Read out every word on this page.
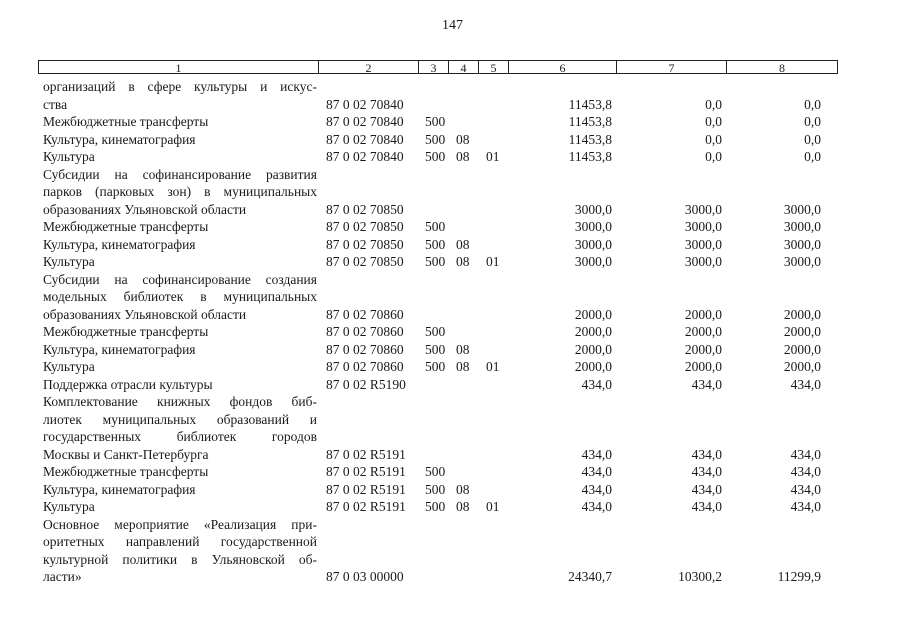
147
1	2	3	4	5	6	7	8
организаций в сфере культуры и искус-
ства	87 0 02 70840	11453,8	0,0	0,0
Межбюджетные трансферты	87 0 02 70840 500	11453,8	0,0	0,0
Культура, кинематография	87 0 02 70840 500 08	11453,8	0,0	0,0
Культура	87 0 02 70840 500 08 01	11453,8	0,0	0,0
Субсидии на софинансирование развития
парков (парковых зон) в муниципальных
образованиях Ульяновской области	87 0 02 70850	3000,0	3000,0	3000,0
Межбюджетные трансферты	87 0 02 70850 500	3000,0	3000,0	3000,0
Культура, кинематография	87 0 02 70850 500 08	3000,0	3000,0	3000,0
Культура	87 0 02 70850 500 08 01	3000,0	3000,0	3000,0
Субсидии на софинансирование создания
модельных библиотек в муниципальных
образованиях Ульяновской области	87 0 02 70860	2000,0	2000,0	2000,0
Межбюджетные трансферты	87 0 02 70860 500	2000,0	2000,0	2000,0
Культура, кинематография	87 0 02 70860 500 08	2000,0	2000,0	2000,0
Культура	87 0 02 70860 500 08 01	2000,0	2000,0	2000,0
Поддержка отрасли культуры	87 0 02 R5190	434,0	434,0	434,0
Комплектование книжных фондов биб-
лиотек муниципальных образований и
государственных библиотек городов
Москвы и Санкт-Петербурга	87 0 02 R5191	434,0	434,0	434,0
Межбюджетные трансферты	87 0 02 R5191 500	434,0	434,0	434,0
Культура, кинематография	87 0 02 R5191 500 08	434,0	434,0	434,0
Культура	87 0 02 R5191 500 08 01	434,0	434,0	434,0
Основное мероприятие «Реализация при-
оритетных направлений государственной
культурной политики в Ульяновской об-
ласти»	87 0 03 00000	24340,7	10300,2	11299,9
